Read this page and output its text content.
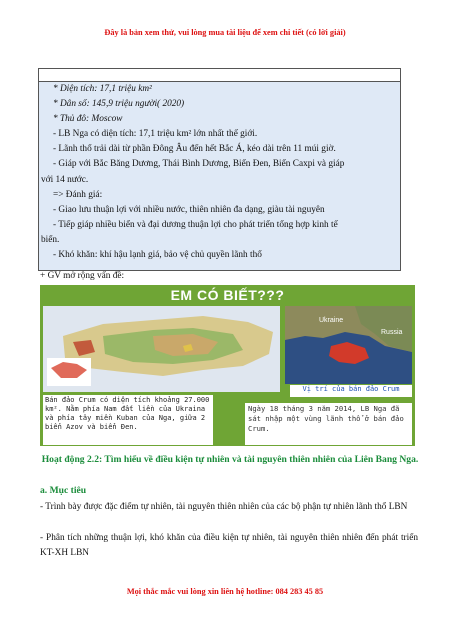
Đây là bản xem thử, vui lòng mua tài liệu để xem chi tiết (có lời giải)
* Diện tích: 17,1 triệu km²
* Dân số: 145,9 triệu người( 2020)
* Thủ đô: Moscow
- LB Nga có diện tích: 17,1 triệu km² lớn nhất thế giới.
- Lãnh thổ trải dài từ phần Đông Âu đến hết Bắc Á, kéo dài trên 11 múi giờ.
- Giáp với Bắc Băng Dương, Thái Bình Dương, Biển Đen, Biển Caxpi và giáp
với 14 nước.
=> Đánh giá:
- Giao lưu thuận lợi với nhiều nước, thiên nhiên đa dạng, giàu tài nguyên
- Tiếp giáp nhiều biển và đại dương thuận lợi cho phát triển tổng hợp kinh tế
biển.
- Khó khăn: khí hậu lạnh giá, bảo vệ chủ quyền lãnh thổ
+ GV mở rộng vấn đề:
EM CÓ BIẾT???
Ukraine
Russia
Bán đảo Crum có diện tích khoảng 27.000 km². Nằm phía Nam đất liền của Ukraina và phía tây miền Kuban của Nga, giữa 2 biển Azov và biển Đen.
Vị trí của bán đảo Crum
Ngày 18 tháng 3 năm 2014, LB Nga đã sát nhập một vùng lãnh thổ ở bán đảo Crum.
Hoạt động 2.2: Tìm hiểu về điều kiện tự nhiên và tài nguyên thiên nhiên của Liên Bang Nga.
a. Mục tiêu
- Trình bày được đặc điểm tự nhiên, tài nguyên thiên nhiên của các bộ phận tự nhiên lãnh thổ LBN
- Phân tích những thuận lợi, khó khăn của điều kiện tự nhiên, tài nguyên thiên nhiên đến phát triển KT-XH LBN
Mọi thắc mắc vui lòng xin liên hệ hotline: 084 283 45 85
